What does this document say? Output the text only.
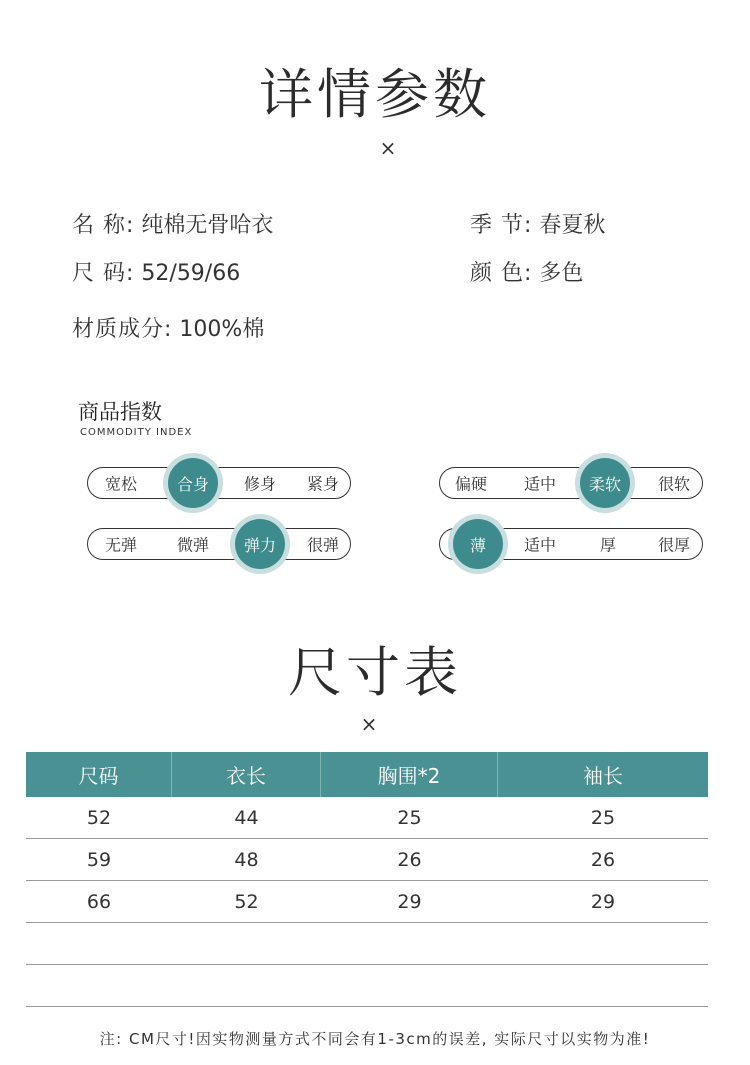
详情参数
×
名 称: 纯棉无骨哈衣	季 节: 春夏秋
尺 码: 52/59/66	颜 色: 多色
材质成分: 100%棉
商品指数
COMMODITY INDEX
宽松	合身	修身 紧身	偏硬 适中	柔软	很软
无弹 微弹	弹力	很弹	薄	适中	厚	很厚
尺寸表
×
尺码	衣长	胸围*2	袖长
52	44	25	25
59	48	26	26
66	52	29	29
注: CM尺寸!因实物测量方式不同会有1-3cm的误差, 实际尺寸以实物为准!
